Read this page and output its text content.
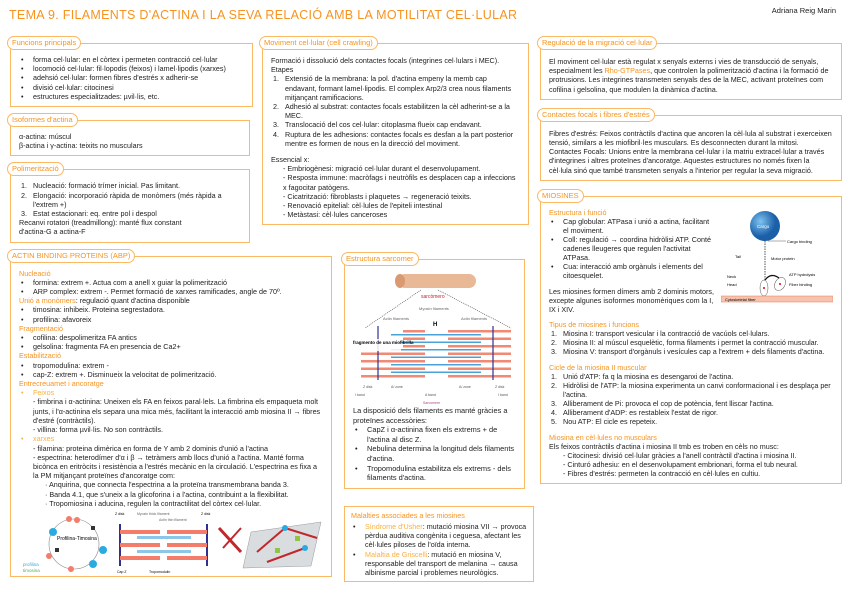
TEMA 9. FILAMENTS D'ACTINA I LA SEVA RELACIÓ AMB LA MOTILITAT CEL·LULAR	Adriana Reig Marin
Funcions principals
• forma cel·lular: en el còrtex i permeten contracció cel·lular
• locomoció cel·lular: fil·lopodis (feixos) i lamel·lipodis (xarxes)
• adehsió cel·lular: formen fibres d'estrés x adherir-se
• divisió cel·lular: citocinesi
• estructures especialitzades: µvil·lis, etc.
Isoformes d'actina
α-actina: múscul
β-actina i γ-actina: teixits no musculars
Polimerització
1. Nucleació: formació trímer inicial. Pas limitant.
2. Elongació: incorporació ràpida de monòmers (més ràpida a l'extrem +)
3. Estat estacionari: eq. entre pol i despol
Recanvi rotatori (treadmillong): manté flux constant
d'actina-G a actina-F
ACTIN BINDING PROTEINS (ABP)
Nucleació
• formina: extrem +. Actua com a anell x guiar la polimerització
• ARP complex: extrem -. Permet formació de xarxes ramificades, angle de 70º.
Unió a monòmers: regulació quant d'actina disponible
• timosina: inhibeix. Proteina segrestadora.
• profilina: afavoreix
Fragmentació
• cofilina: despolimeritza FA antics
• gelsolina: fragmenta FA en presencia de Ca2+
Estabilització
• tropomodulina: extrem -
• cap-Z: extrem +. Disminueix la velocitat de polimerització.
Entrecreuamet i ancoratge
• Feixos
- fimbrina i α-actinina: Uneixen els FA en feixos paral·lels. La fimbrina els empaqueta molt junts, i l'α-actinina els separa una mica més, facilitant la interacció amb miosina II → fibres d'estré (contràctils).
- villina: forma µvil·lis. No son contràctils.
• xarxes
- filamina: proteina dimèrica en forma de Y amb 2 dominis d'unió a l'actina
- espectrina: heterodímer d'α i β → tetràmers amb llocs d'unió a l'actina. Manté forma bicònca en eritròcits i resistència a l'estrés mecànic en la circulació. L'espectrina es fixa a la PM mitjançant proteïnes d'ancoratge com:
· Anquirina, que connecta l'espectrina a la proteïna transmembrana banda 3.
· Banda 4.1, que s'uneix a la glicoforina i a l'actina, contribuint a la flexibilitat.
· Tropomiosina i aducina, regulen la contractilitat del còrtex cel·lular.
Profilina-Timosina
profilina
timosina
Z disk	Myosin thick filament
Actin thin filament
Z disk
Cap Z	Tropomodulin
Moviment cel·lular (cell crawling)
Formació i dissolució dels contactes focals (integrines cel·lulars i MEC).
Etapes
1. Extensió de la membrana: la pol. d'actina empeny la memb cap endavant, formant lamel·lipodis. El complex Arp2/3 crea nous filaments mitjançant ramificacions.
2. Adhesió al substrat: contactes focals estabilitzen la cèl adherint-se a la MEC.
3. Translocació del cos cel·lular: citoplasma flueix cap endavant.
4. Ruptura de les adhesions: contactes focals es desfan a la part posterior mentre es formen de nous en la direcció del moviment.
Essencial x:
- Embriogènesi: migració cel·lular durant el desenvolupament.
- Resposta immune: macròfags i neutròfils es desplacen cap a infeccions x fagocitar patògens.
- Cicatrització: fibroblasts i plaquetes → regeneració teixits.
- Renovació epitelial: cèl·lules de l'epiteli intestinal
- Metàstasi: cèl·lules canceroses
Estructura sarcomer
sarcòmero
Myosin filaments
Actin filaments	Actin filaments
H
fragmento de una miofibrilla
Z disk	A/ zone	A/ zone	Z disk
I band	A band	I band
Sarcomere
La disposició dels filaments es manté gràcies a proteïnes accessòries:
• CapZ i α-actinina fixen els extrems + de l'actina al disc Z.
• Nebulina determina la longitud dels filaments d'actina.
• Tropomodulina estabilitza els extrems - dels filaments d'actina.
Malalties associades a les miosines
• Síndrome d'Usher: mutació miosina VII → provoca pèrdua auditiva congènita i ceguesa, afectant les cèl·lules piloses de l'oïda interna.
• Malaltia de Griscelli: mutació en miosina V, responsable del transport de melanina → causa albinisme parcial i problemes neurològics.
Regulació de la migració cel·lular
El moviment cel·lular està regulat x senyals externs i vies de transducció de senyals, especialment les Rho-GTPases, que controlen la polimerització d'actina i la formació de protrusions. Les integrines transmeten senyals des de la MEC, activant proteïnes com cofilina i gelsolina, que modulen la dinàmica d'actina.
Contactes focals i fibres d'estrés
Fibres d'estrés: Feixos contràctils d'actina que ancoren la cèl·lula al substrat i exerceixen tensió, similars a les miofibril·les musculars. Es desconnecten durant la mitosi.
Contactes Focals: Unions entre la membrana cel·lular i la matriu extracel·lular a través d'integrines i altres proteïnes d'ancoratge. Aquestes estructures no només fixen la cèl·lula sinó que també transmeten senyals a l'interior per regular la seva migració.
MIOSINES
Cargo
Cargo binding
Tail	Motor protein
Neck
Head
ATP hydrolysis
Fiber binding
Cytoskeletal fiber
Estructura i funció
• Cap globular: ATPasa i unió a actina, facilitant el moviment.
• Coll: regulació → coordina hidròlisi ATP. Conté cadenes lleugeres que regulen l'activitat ATPasa.
• Cua: interacció amb orgànuls i elements del citoesquelet.
Les miosines formen dímers amb 2 dominis motors, excepte algunes isoformes monomèriques com la I, IX i XIV.
Tipus de miosines i funcions
1. Miosina I: transport vesicular i la contracció de vacúols cel·lulars.
2. Miosina II: al múscul esquelètic, forma filaments i permet la contracció muscular.
3. Miosina V: transport d'orgànuls i vesícules cap a l'extrem + dels filaments d'actina.
Cicle de la miosina II muscular
1. Unió d'ATP: fa q la miosina es desenganxi de l'actina.
2. Hidròlisi de l'ATP: la miosina experimenta un canvi conformacional i es desplaça per l'actina.
3. Alliberament de Pi: provoca el cop de potència, fent lliscar l'actina.
4. Alliberament d'ADP: es restableix l'estat de rigor.
5. Nou ATP: El cicle es repeteix.
Miosina en cèl·lules no musculars
Els feixos contràctils d'actina i miosina II tmb es troben en cèls no musc:
- Citocinesi: divisió cel·lular gràcies a l'anell contràctil d'actina i miosina II.
- Cinturó adhesiu: en el desenvolupament embrionari, forma el tub neural.
- Fibres d'estrés: permeten la contracció en cèl·lules en cultiu.
